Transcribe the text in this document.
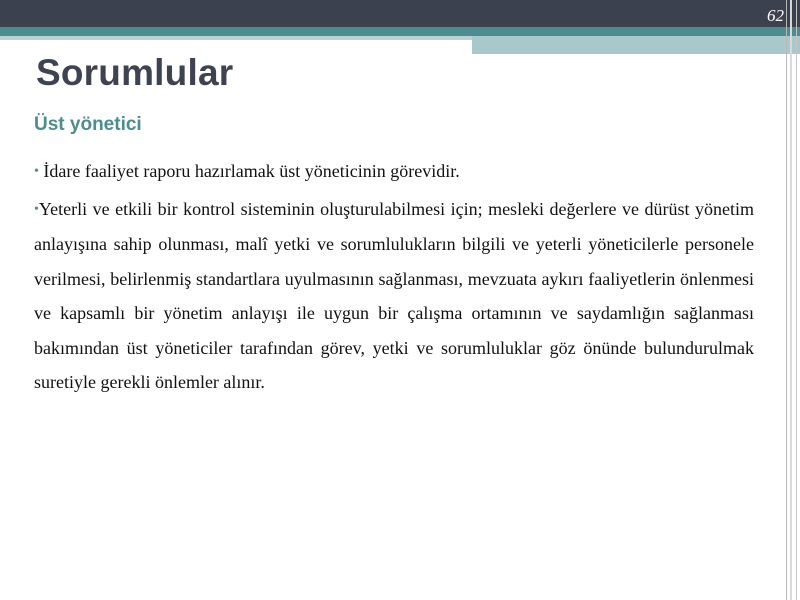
62
Sorumlular
Üst yönetici

• İdare faaliyet raporu hazırlamak üst yöneticinin görevidir.

•Yeterli ve etkili bir kontrol sisteminin oluşturulabilmesi için; mesleki değerlere ve dürüst yönetim anlayışına sahip olunması, malî yetki ve sorumlulukların bilgili ve yeterli yöneticilerle personele verilmesi, belirlenmiş standartlara uyulmasının sağlanması, mevzuata aykırı faaliyetlerin önlenmesi ve kapsamlı bir yönetim anlayışı ile uygun bir çalışma ortamının ve saydamlığın sağlanması bakımından üst yöneticiler tarafından görev, yetki ve sorumluluklar göz önünde bulundurulmak suretiyle gerekli önlemler alınır.
